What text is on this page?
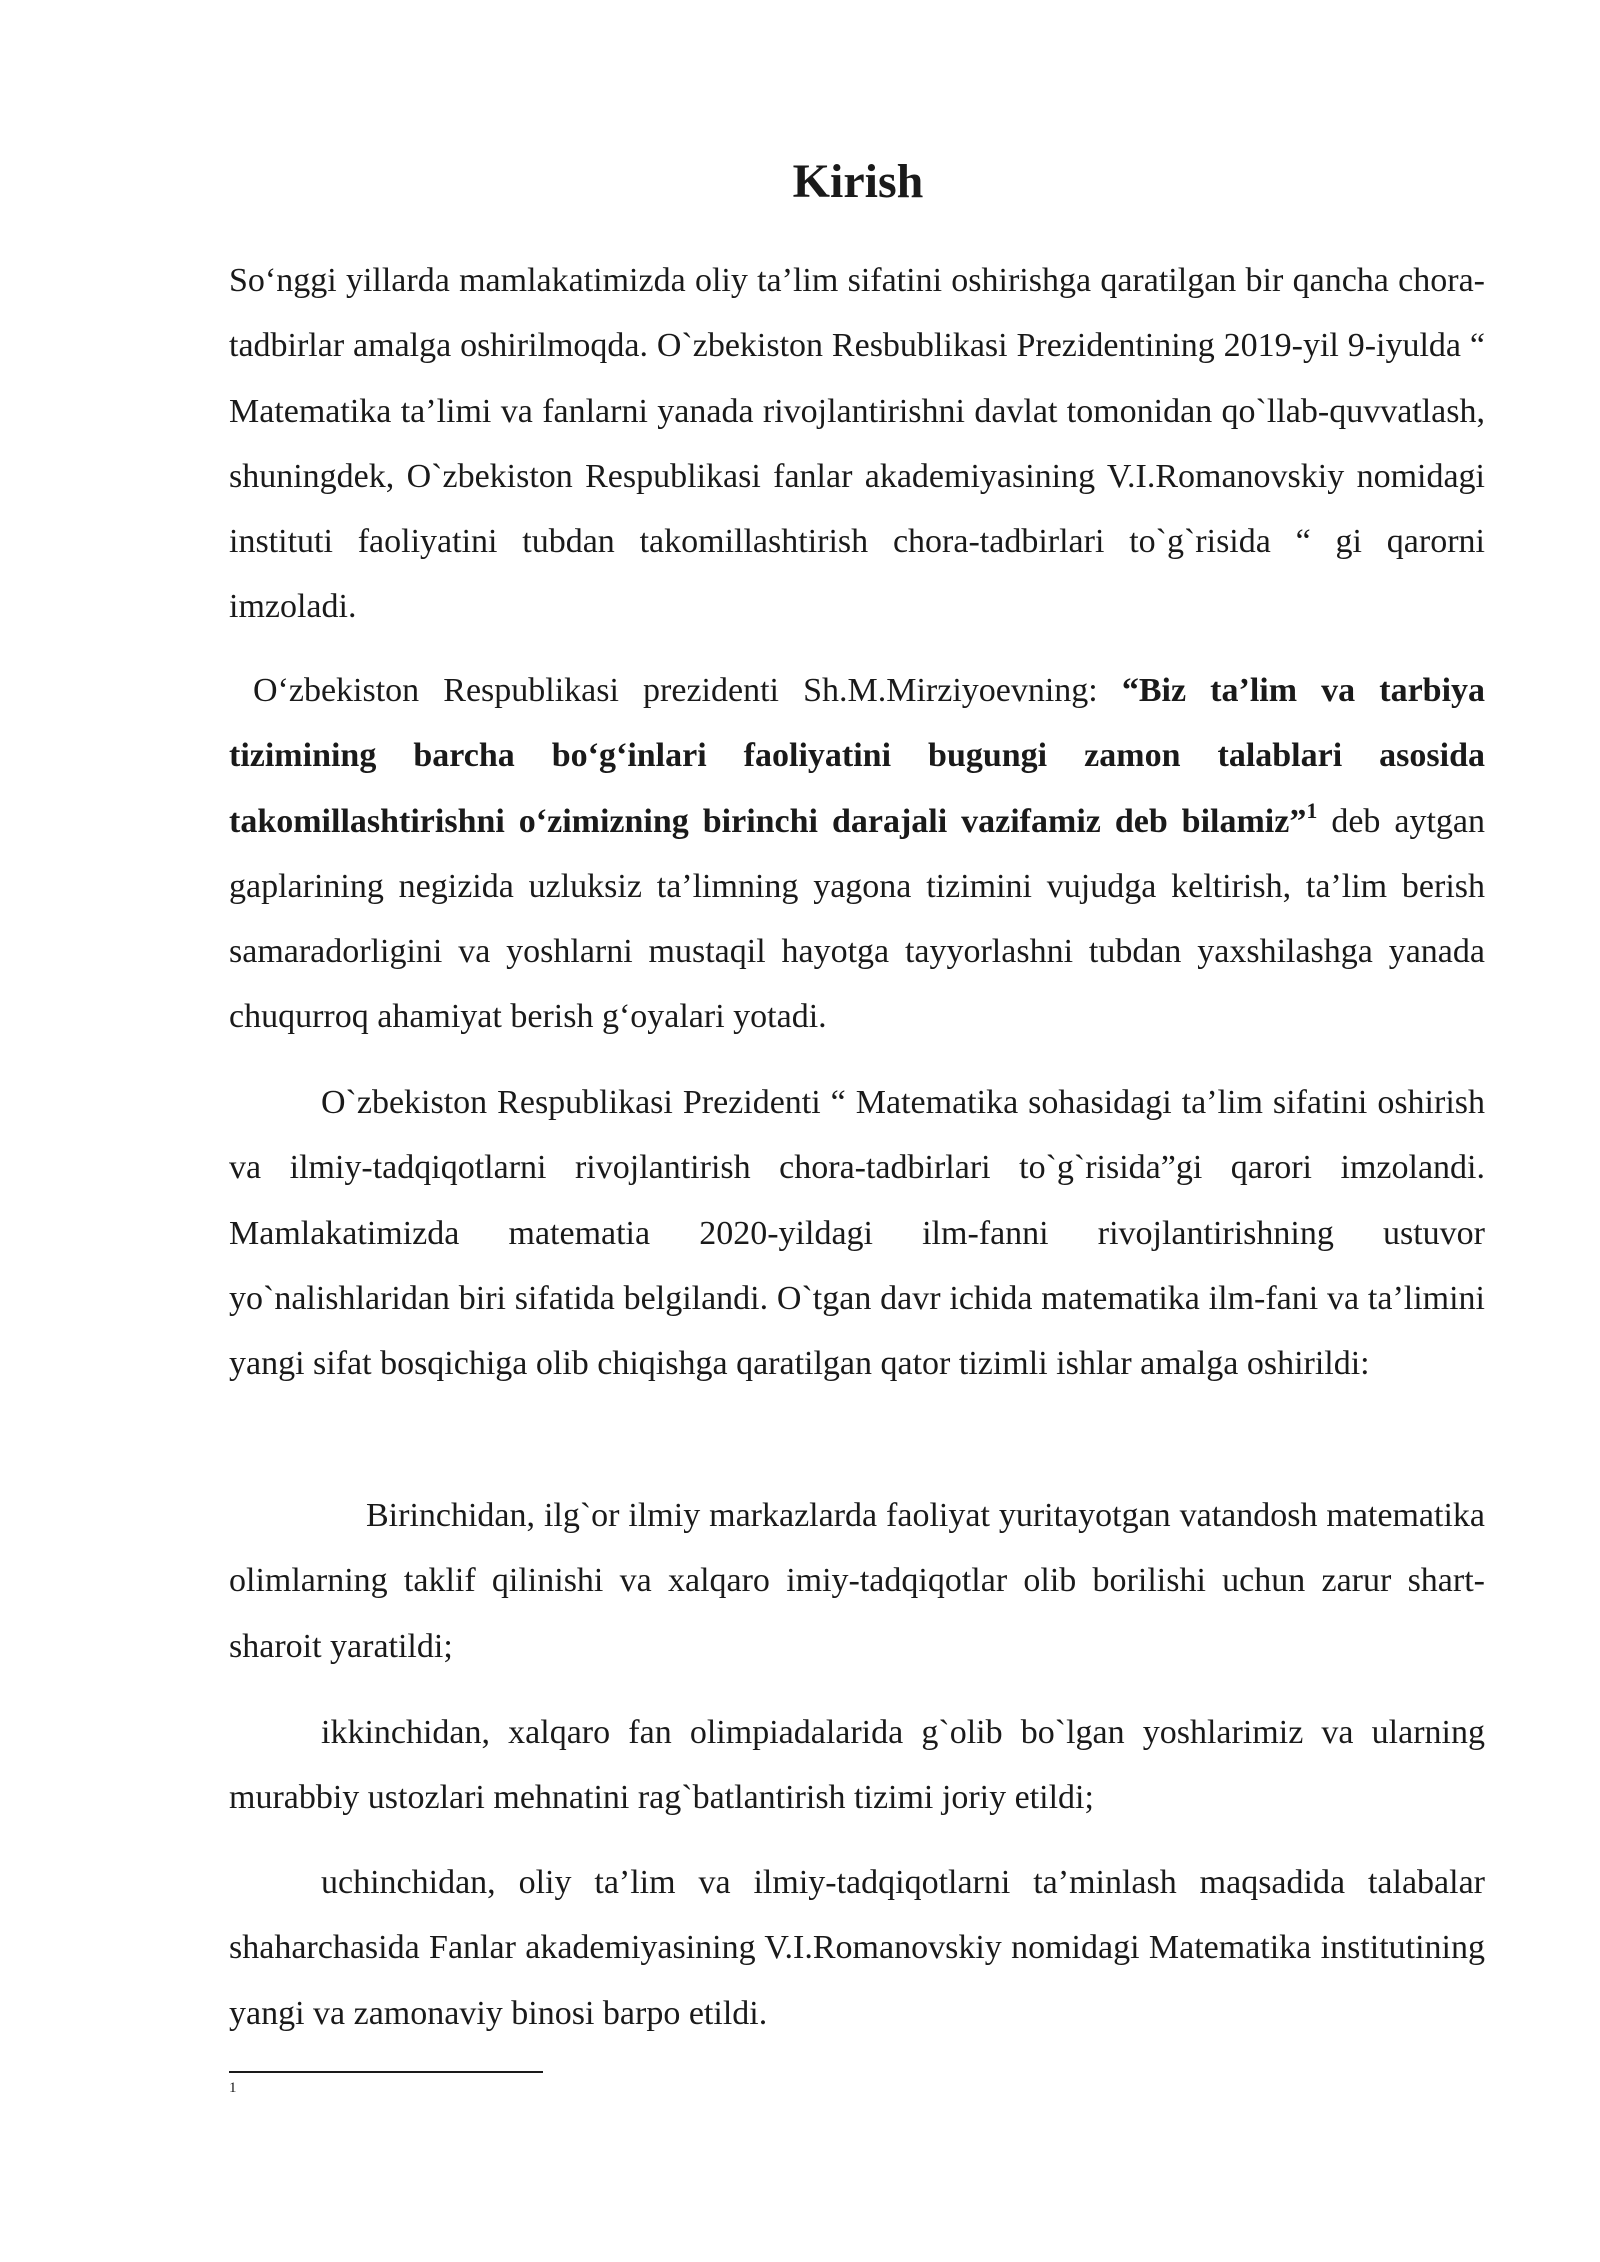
Kirish

So‘nggi yillarda mamlakatimizda oliy ta’lim sifatini oshirishga qaratilgan bir qancha chora-tadbirlar amalga oshirilmoqda. O`zbekiston Resbublikasi Prezidentining 2019-yil 9-iyulda “ Matematika ta’limi va fanlarni yanada rivojlantirishni davlat tomonidan qo`llab-quvvatlash, shuningdek, O`zbekiston Respublikasi fanlar akademiyasining V.I.Romanovskiy nomidagi instituti faoliyatini tubdan takomillashtirish chora-tadbirlari to`g`risida “ gi qarorni imzoladi.

O‘zbekiston Respublikasi prezidenti Sh.M.Mirziyoevning: “Biz ta’lim va tarbiya tizimining barcha bo‘g‘inlari faoliyatini bugungi zamon talablari asosida takomillashtirishni o‘zimizning birinchi darajali vazifamiz deb bilamiz”$^1$ deb aytgan gaplarining negizida uzluksiz ta’limning yagona tizimini vujudga keltirish, ta’lim berish samaradorligini va yoshlarni mustaqil hayotga tayyorlashni tubdan yaxshilashga yanada chuqurroq ahamiyat berish g‘oyalari yotadi.

O`zbekiston Respublikasi Prezidenti “ Matematika sohasidagi ta’lim sifatini oshirish va ilmiy-tadqiqotlarni rivojlantirish chora-tadbirlari to`g`risida”gi qarori imzolandi. Mamlakatimizda matematia 2020-yildagi ilm-fanni rivojlantirishning ustuvor yo`nalishlaridan biri sifatida belgilandi. O`tgan davr ichida matematika ilm-fani va ta’limini yangi sifat bosqichiga olib chiqishga qaratilgan qator tizimli ishlar amalga oshirildi:

Birinchidan, ilg`or ilmiy markazlarda faoliyat yuritayotgan vatandosh matematika olimlarning taklif qilinishi va xalqaro imiy-tadqiqotlar olib borilishi uchun zarur shart-sharoit yaratildi;

ikkinchidan, xalqaro fan olimpiadalarida g`olib bo`lgan yoshlarimiz va ularning murabbiy ustozlari mehnatini rag`batlantirish tizimi joriy etildi;

uchinchidan, oliy ta’lim va ilmiy-tadqiqotlarni ta’minlash maqsadida talabalar shaharchasida Fanlar akademiyasining V.I.Romanovskiy nomidagi Matematika institutining yangi va zamonaviy binosi barpo etildi.

1
